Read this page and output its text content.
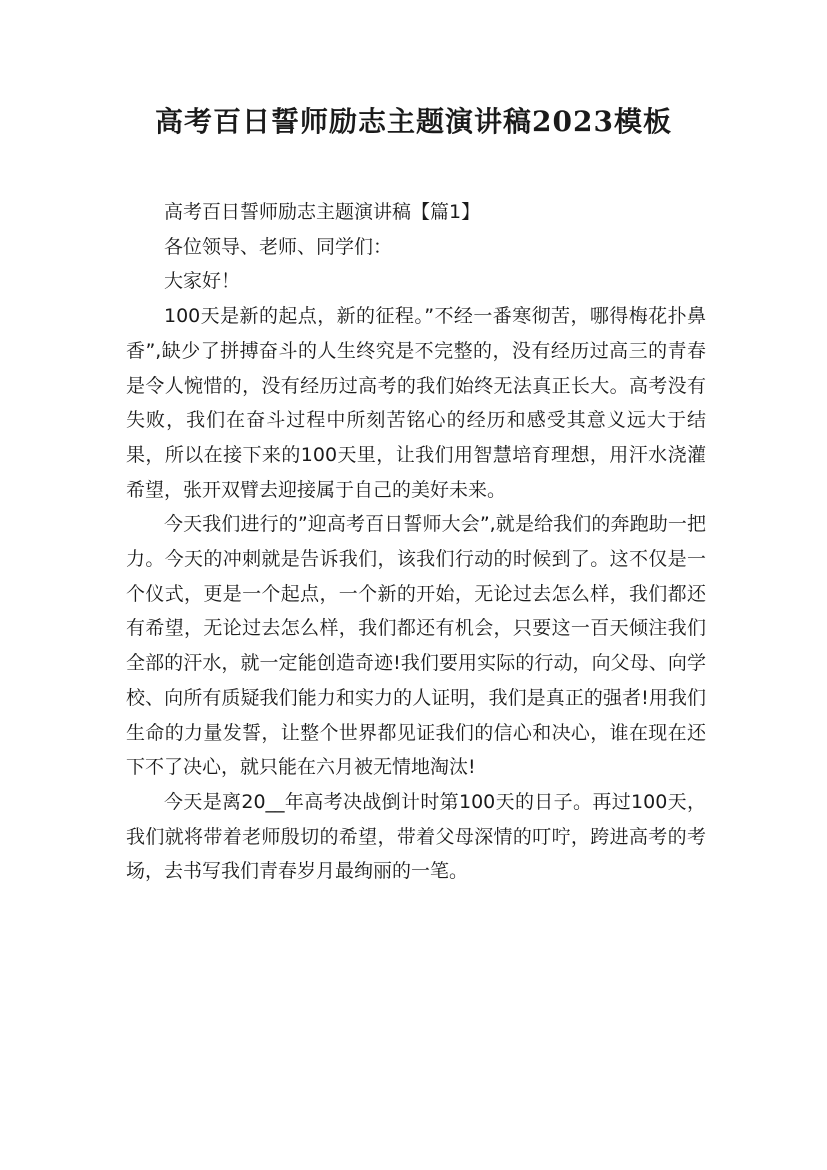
高考百日誓师励志主题演讲稿2023模板

高考百日誓师励志主题演讲稿【篇1】

各位领导、老师、同学们：

大家好！

100天是新的起点，新的征程。”不经一番寒彻苦，哪得梅花扑鼻香”,缺少了拼搏奋斗的人生终究是不完整的，没有经历过高三的青春是令人惋惜的，没有经历过高考的我们始终无法真正长大。高考没有失败，我们在奋斗过程中所刻苦铭心的经历和感受其意义远大于结果，所以在接下来的100天里，让我们用智慧培育理想，用汗水浇灌希望，张开双臂去迎接属于自己的美好未来。

今天我们进行的”迎高考百日誓师大会”,就是给我们的奔跑助一把力。今天的冲刺就是告诉我们，该我们行动的时候到了。这不仅是一个仪式，更是一个起点，一个新的开始，无论过去怎么样，我们都还有希望，无论过去怎么样，我们都还有机会，只要这一百天倾注我们全部的汗水，就一定能创造奇迹!我们要用实际的行动，向父母、向学校、向所有质疑我们能力和实力的人证明，我们是真正的强者!用我们生命的力量发誓，让整个世界都见证我们的信心和决心，谁在现在还下不了决心，就只能在六月被无情地淘汰!

今天是离20__年高考决战倒计时第100天的日子。再过100天，我们就将带着老师殷切的希望，带着父母深情的叮咛，跨进高考的考场，去书写我们青春岁月最绚丽的一笔。
